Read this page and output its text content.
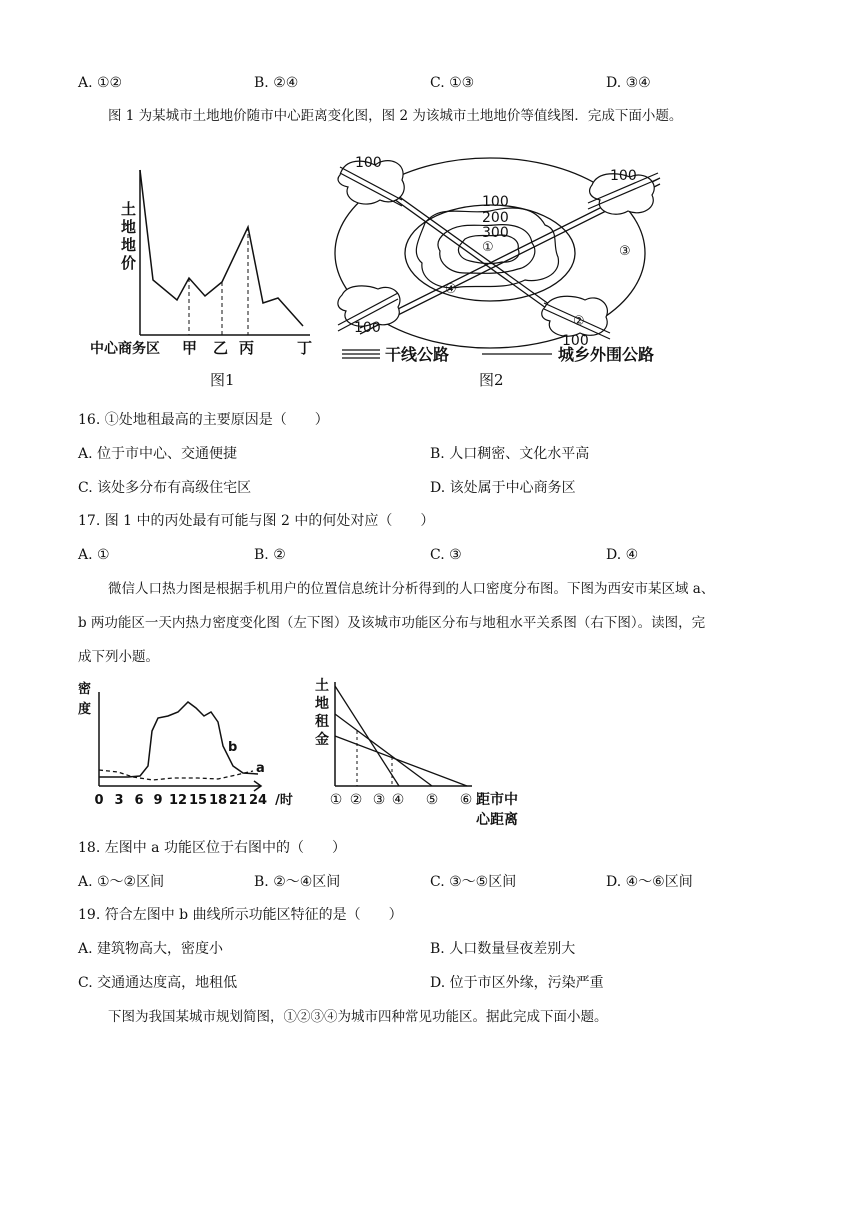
A. ①②	B. ②④	C. ①③	D. ③④
图 1 为某城市土地地价随市中心距离变化图，图 2 为该城市土地地价等值线图．完成下面小题。
土
地
地
价
中心商务区 甲 乙 丙	丁
图1
100
100
100
100
100
200
300
①
②
③
④
干线公路	城乡外围公路
图2
16. ①处地租最高的主要原因是（　　）
A. 位于市中心、交通便捷	B. 人口稠密、文化水平高
C. 该处多分布有高级住宅区	D. 该处属于中心商务区
17. 图 1 中的丙处最有可能与图 2 中的何处对应（　　）
A. ①	B. ②	C. ③	D. ④
微信人口热力图是根据手机用户的位置信息统计分析得到的人口密度分布图。下图为西安市某区域 a、
b 两功能区一天内热力密度变化图（左下图）及该城市功能区分布与地租水平关系图（右下图）。读图，完
成下列小题。
密
度
b
a
0 3 6 9 12 15 18 21 24 /时
土
地
租
金
① ② ③ ④ ⑤ ⑥ 距市中
心距离
18. 左图中 a 功能区位于右图中的（　　）
A. ①～②区间	B. ②～④区间	C. ③～⑤区间	D. ④～⑥区间
19. 符合左图中 b 曲线所示功能区特征的是（　　）
A. 建筑物高大，密度小	B. 人口数量昼夜差别大
C. 交通通达度高，地租低	D. 位于市区外缘，污染严重
下图为我国某城市规划简图，①②③④为城市四种常见功能区。据此完成下面小题。
